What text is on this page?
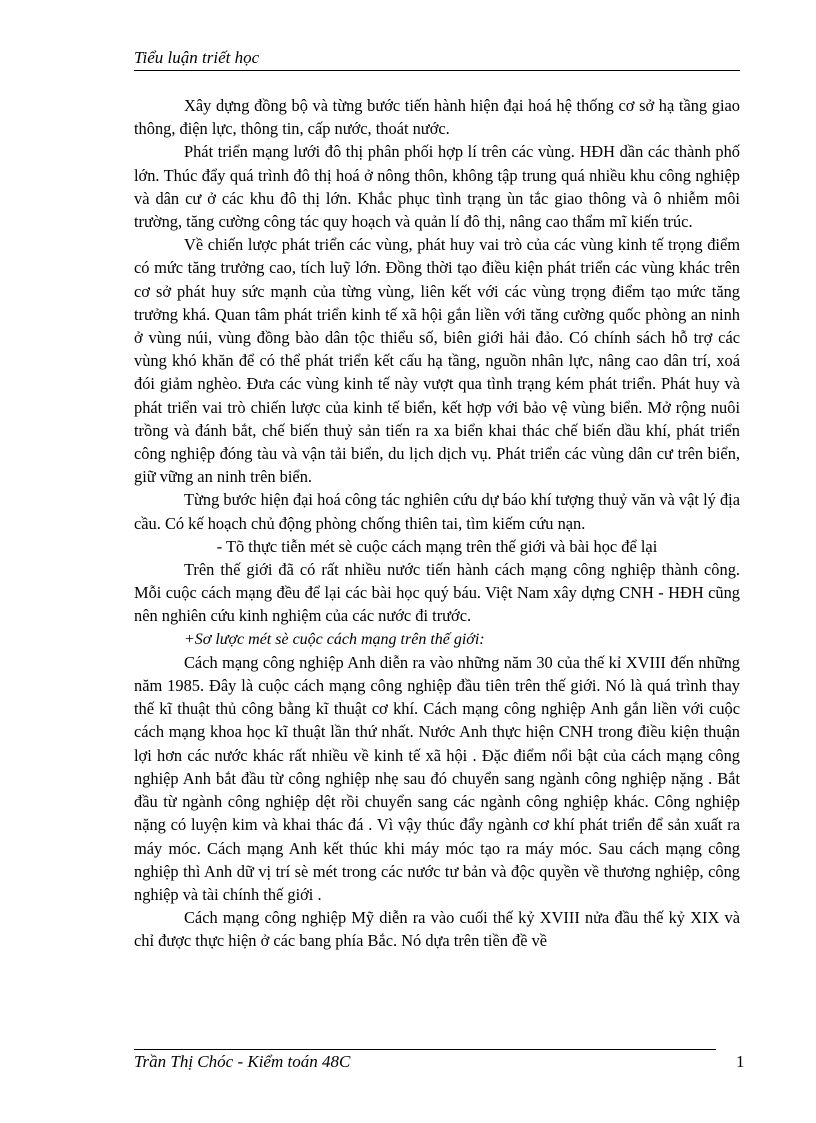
Tiểu luận triết học

Xây dựng đồng bộ và từng bước tiến hành hiện đại hoá hệ thống cơ sở hạ tầng giao thông, điện lực, thông tin, cấp nước, thoát nước.

Phát triển mạng lưới đô thị phân phối hợp lí trên các vùng. HĐH dần các thành phố lớn. Thúc đẩy quá trình đô thị hoá ở nông thôn, không tập trung quá nhiều khu công nghiệp và dân cư ở các khu đô thị lớn. Khắc phục tình trạng ùn tắc giao thông và ô nhiễm môi trường, tăng cường công tác quy hoạch và quản lí đô thị, nâng cao thẩm mĩ kiến trúc.

Về chiến lược phát triển các vùng, phát huy vai trò của các vùng kinh tế trọng điểm có mức tăng trưởng cao, tích luỹ lớn. Đồng thời tạo điều kiện phát triển các vùng khác trên cơ sở phát huy sức mạnh của từng vùng, liên kết với các vùng trọng điểm tạo mức tăng trưởng khá. Quan tâm phát triển kinh tế xã hội gắn liền với tăng cường quốc phòng an ninh ở vùng núi, vùng đồng bào dân tộc thiểu số, biên giới hải đảo. Có chính sách hỗ trợ các vùng khó khăn để có thể phát triển kết cấu hạ tầng, nguồn nhân lực, nâng cao dân trí, xoá đói giảm nghèo. Đưa các vùng kinh tế này vượt qua tình trạng kém phát triển. Phát huy và phát triển vai trò chiến lược của kinh tế biển, kết hợp với bảo vệ vùng biển. Mở rộng nuôi trồng và đánh bắt, chế biến thuỷ sản tiến ra xa biển khai thác chế biến dầu khí, phát triển công nghiệp đóng tàu và vận tải biển, du lịch dịch vụ. Phát triển các vùng dân cư trên biển, giữ vững an ninh trên biển.

Từng bước hiện đại hoá công tác nghiên cứu dự báo khí tượng thuỷ văn và vật lý địa cầu. Có kế hoạch chủ động phòng chống thiên tai, tìm kiếm cứu nạn.

- Tõ thực tiễn mét sè cuộc cách mạng trên thế giới và bài học để lại

Trên thế giới đã có rất nhiều nước tiến hành cách mạng công nghiệp thành công. Mỗi cuộc cách mạng đều để lại các bài học quý báu. Việt Nam xây dựng CNH - HĐH cũng nên nghiên cứu kinh nghiệm của các nước đi trước.

+Sơ lược mét sè cuộc cách mạng trên thế giới:

Cách mạng công nghiệp Anh diễn ra vào những năm 30 của thế kỉ XVIII đến những năm 1985. Đây là cuộc cách mạng công nghiệp đầu tiên trên thế giới. Nó là quá trình thay thế kĩ thuật thủ công bằng kĩ thuật cơ khí. Cách mạng công nghiệp Anh gắn liền với cuộc cách mạng khoa học kĩ thuật lần thứ nhất. Nước Anh thực hiện CNH trong điều kiện thuận lợi hơn các nước khác rất nhiều về kinh tế xã hội . Đặc điểm nổi bật của cách mạng công nghiệp Anh bắt đầu từ công nghiệp nhẹ sau đó chuyển sang ngành công nghiệp nặng . Bắt đầu từ ngành công nghiệp dệt rồi chuyển sang các ngành công nghiệp khác. Công nghiệp nặng có luyện kim và khai thác đá . Vì vậy thúc đẩy ngành cơ khí phát triển để sản xuất ra máy móc. Cách mạng Anh kết thúc khi máy móc tạo ra máy móc. Sau cách mạng công nghiệp thì Anh dữ vị trí sè mét trong các nước tư bản và độc quyền về thương nghiệp, công nghiệp và tài chính thế giới .

Cách mạng công nghiệp Mỹ diễn ra vào cuối thế kỷ XVIII nửa đầu thế kỷ XIX và chỉ được thực hiện ở các bang phía Bắc. Nó dựa trên tiền đề về

Trần Thị Chóc - Kiểm toán 48C	1
